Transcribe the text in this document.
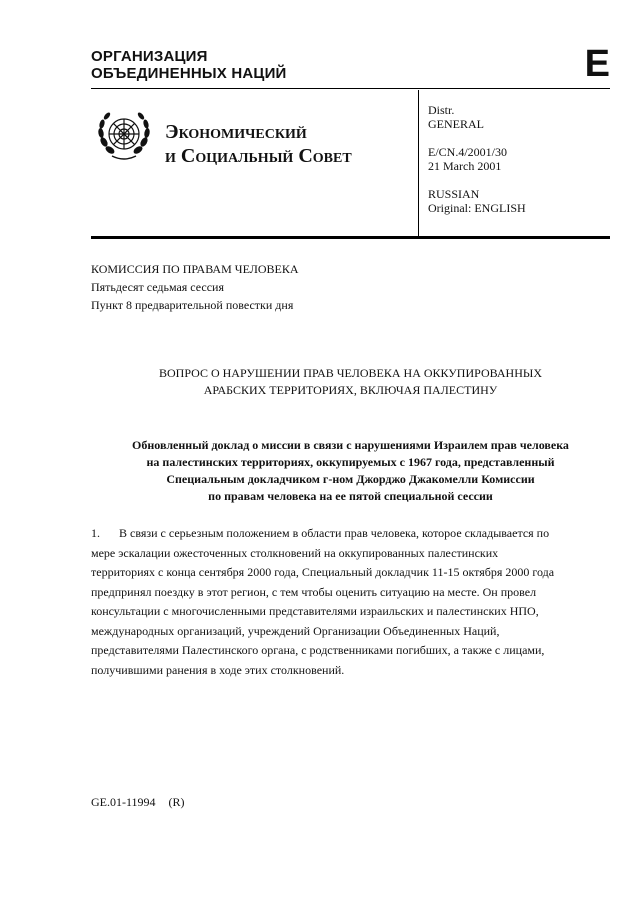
ОРГАНИЗАЦИЯ
ОБЪЕДИНЕННЫХ НАЦИЙ	E
Экономический
и Социальный Совет
Distr.
GENERAL
E/CN.4/2001/30
21 March 2001
RUSSIAN
Original: ENGLISH
КОМИССИЯ ПО ПРАВАМ ЧЕЛОВЕКА
Пятьдесят седьмая сессия
Пункт 8 предварительной повестки дня
ВОПРОС О НАРУШЕНИИ ПРАВ ЧЕЛОВЕКА НА ОККУПИРОВАННЫХ
АРАБСКИХ ТЕРРИТОРИЯХ, ВКЛЮЧАЯ ПАЛЕСТИНУ
Обновленный доклад о миссии в связи с нарушениями Израилем прав человека
на палестинских территориях, оккупируемых с 1967 года, представленный
Специальным докладчиком г-ном Джорджо Джакомелли Комиссии
по правам человека на ее пятой специальной сессии
1. В связи с серьезным положением в области прав человека, которое складывается по
мере эскалации ожесточенных столкновений на оккупированных палестинских
территориях с конца сентября 2000 года, Специальный докладчик 11-15 октября 2000 года
предпринял поездку в этот регион, с тем чтобы оценить ситуацию на месте. Он провел
консультации с многочисленными представителями израильских и палестинских НПО,
международных организаций, учреждений Организации Объединенных Наций,
представителями Палестинского органа, с родственниками погибших, а также с лицами,
получившими ранения в ходе этих столкновений.
GE.01-11994 (R)
